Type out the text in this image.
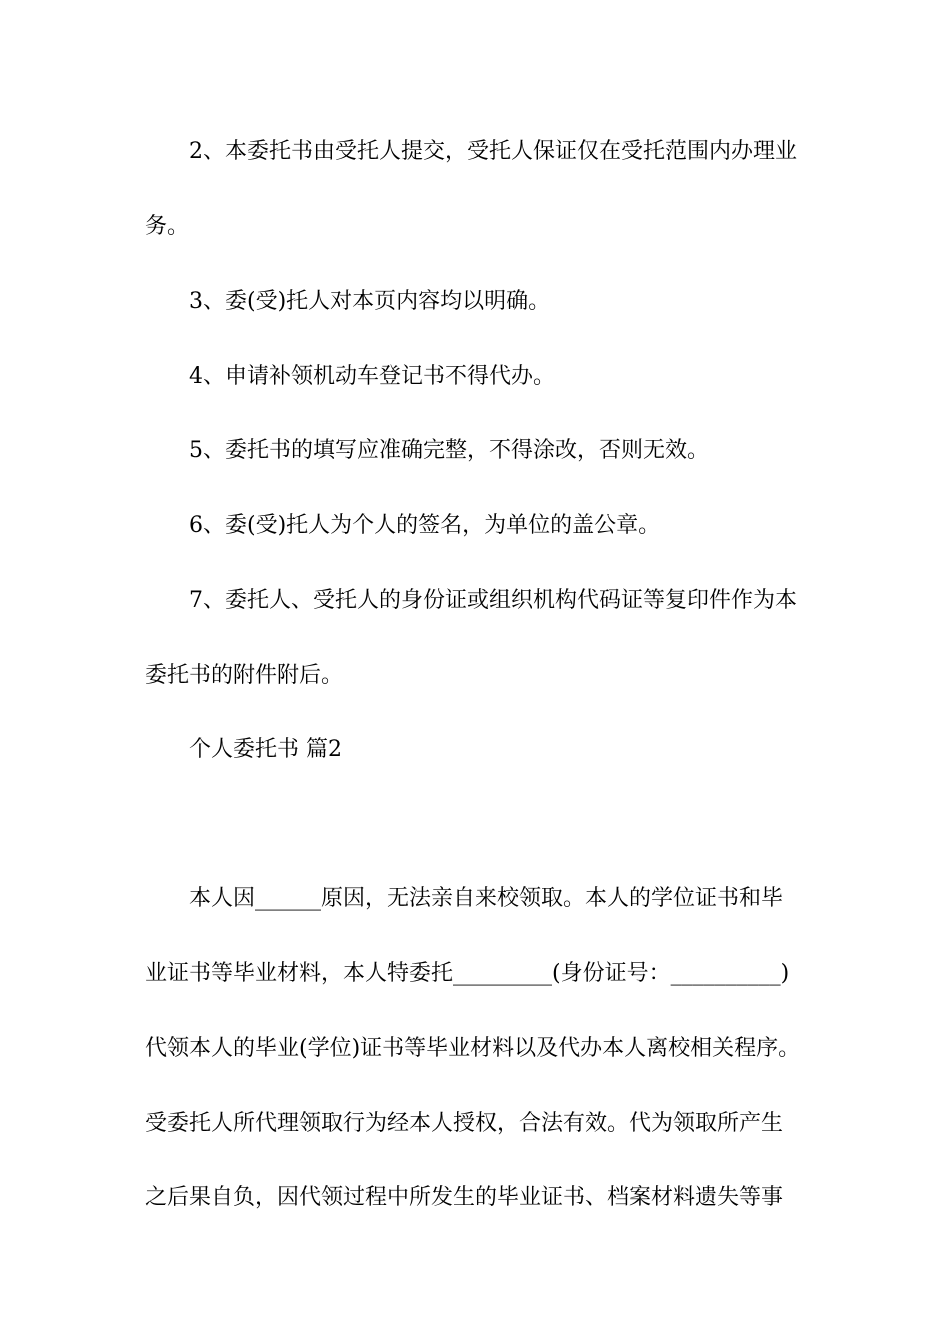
2、本委托书由受托人提交，受托人保证仅在受托范围内办理业
务。
3、委(受)托人对本页内容均以明确。
4、申请补领机动车登记书不得代办。
5、委托书的填写应准确完整，不得涂改，否则无效。
6、委(受)托人为个人的签名，为单位的盖公章。
7、委托人、受托人的身份证或组织机构代码证等复印件作为本
委托书的附件附后。
个人委托书 篇2
本人因______原因，无法亲自来校领取。本人的学位证书和毕
业证书等毕业材料，本人特委托_________(身份证号：__________)
代领本人的毕业(学位)证书等毕业材料以及代办本人离校相关程序。
受委托人所代理领取行为经本人授权，合法有效。代为领取所产生
之后果自负，因代领过程中所发生的毕业证书、档案材料遗失等事
